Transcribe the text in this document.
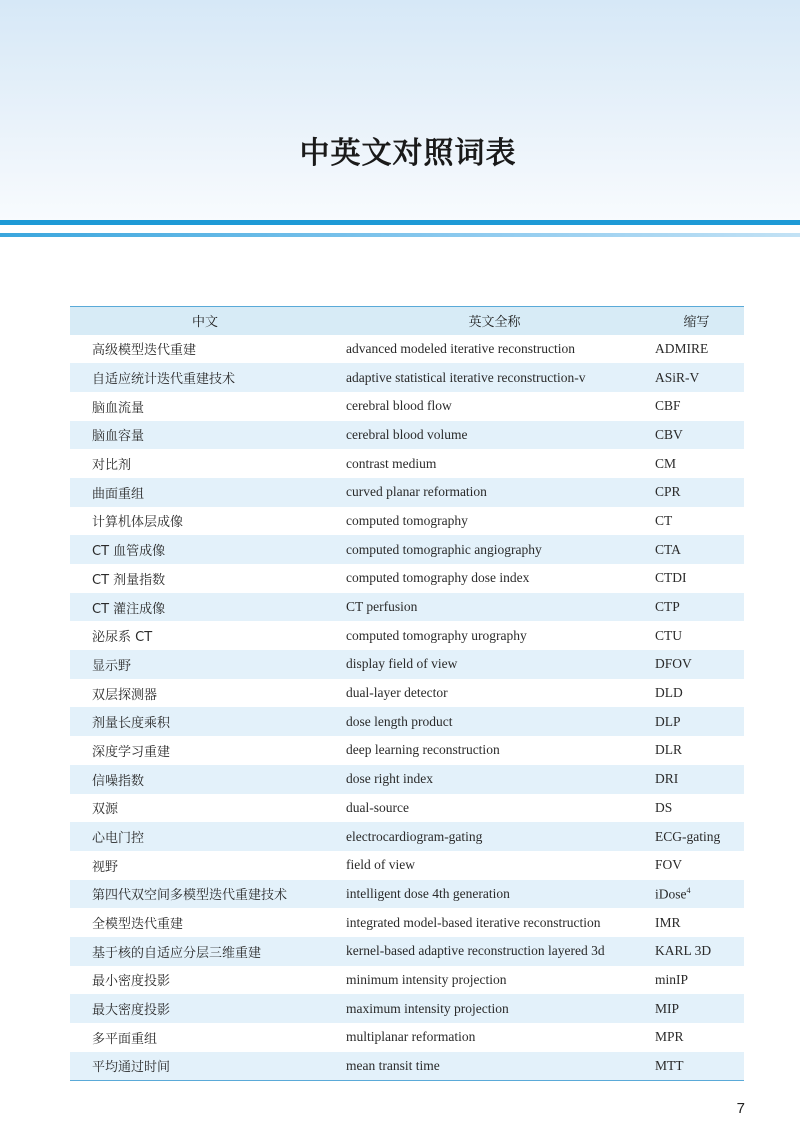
中英文对照词表
中文	英文全称	缩写
高级模型迭代重建	advanced modeled iterative reconstruction	ADMIRE
自适应统计迭代重建技术	adaptive statistical iterative reconstruction-v	ASiR-V
脑血流量	cerebral blood flow	CBF
脑血容量	cerebral blood volume	CBV
对比剂	contrast medium	CM
曲面重组	curved planar reformation	CPR
计算机体层成像	computed tomography	CT
CT 血管成像	computed tomographic angiography	CTA
CT 剂量指数	computed tomography dose index	CTDI
CT 灌注成像	CT perfusion	CTP
泌尿系 CT	computed tomography urography	CTU
显示野	display field of view	DFOV
双层探测器	dual-layer detector	DLD
剂量长度乘积	dose length product	DLP
深度学习重建	deep learning reconstruction	DLR
信噪指数	dose right index	DRI
双源	dual-source	DS
心电门控	electrocardiogram-gating	ECG-gating
视野	field of view	FOV
第四代双空间多模型迭代重建技术	intelligent dose 4th generation	iDose$^4$
全模型迭代重建	integrated model-based iterative reconstruction	IMR
基于核的自适应分层三维重建	kernel-based adaptive reconstruction layered 3d	KARL 3D
最小密度投影	minimum intensity projection	minIP
最大密度投影	maximum intensity projection	MIP
多平面重组	multiplanar reformation	MPR
平均通过时间	mean transit time	MTT
7
